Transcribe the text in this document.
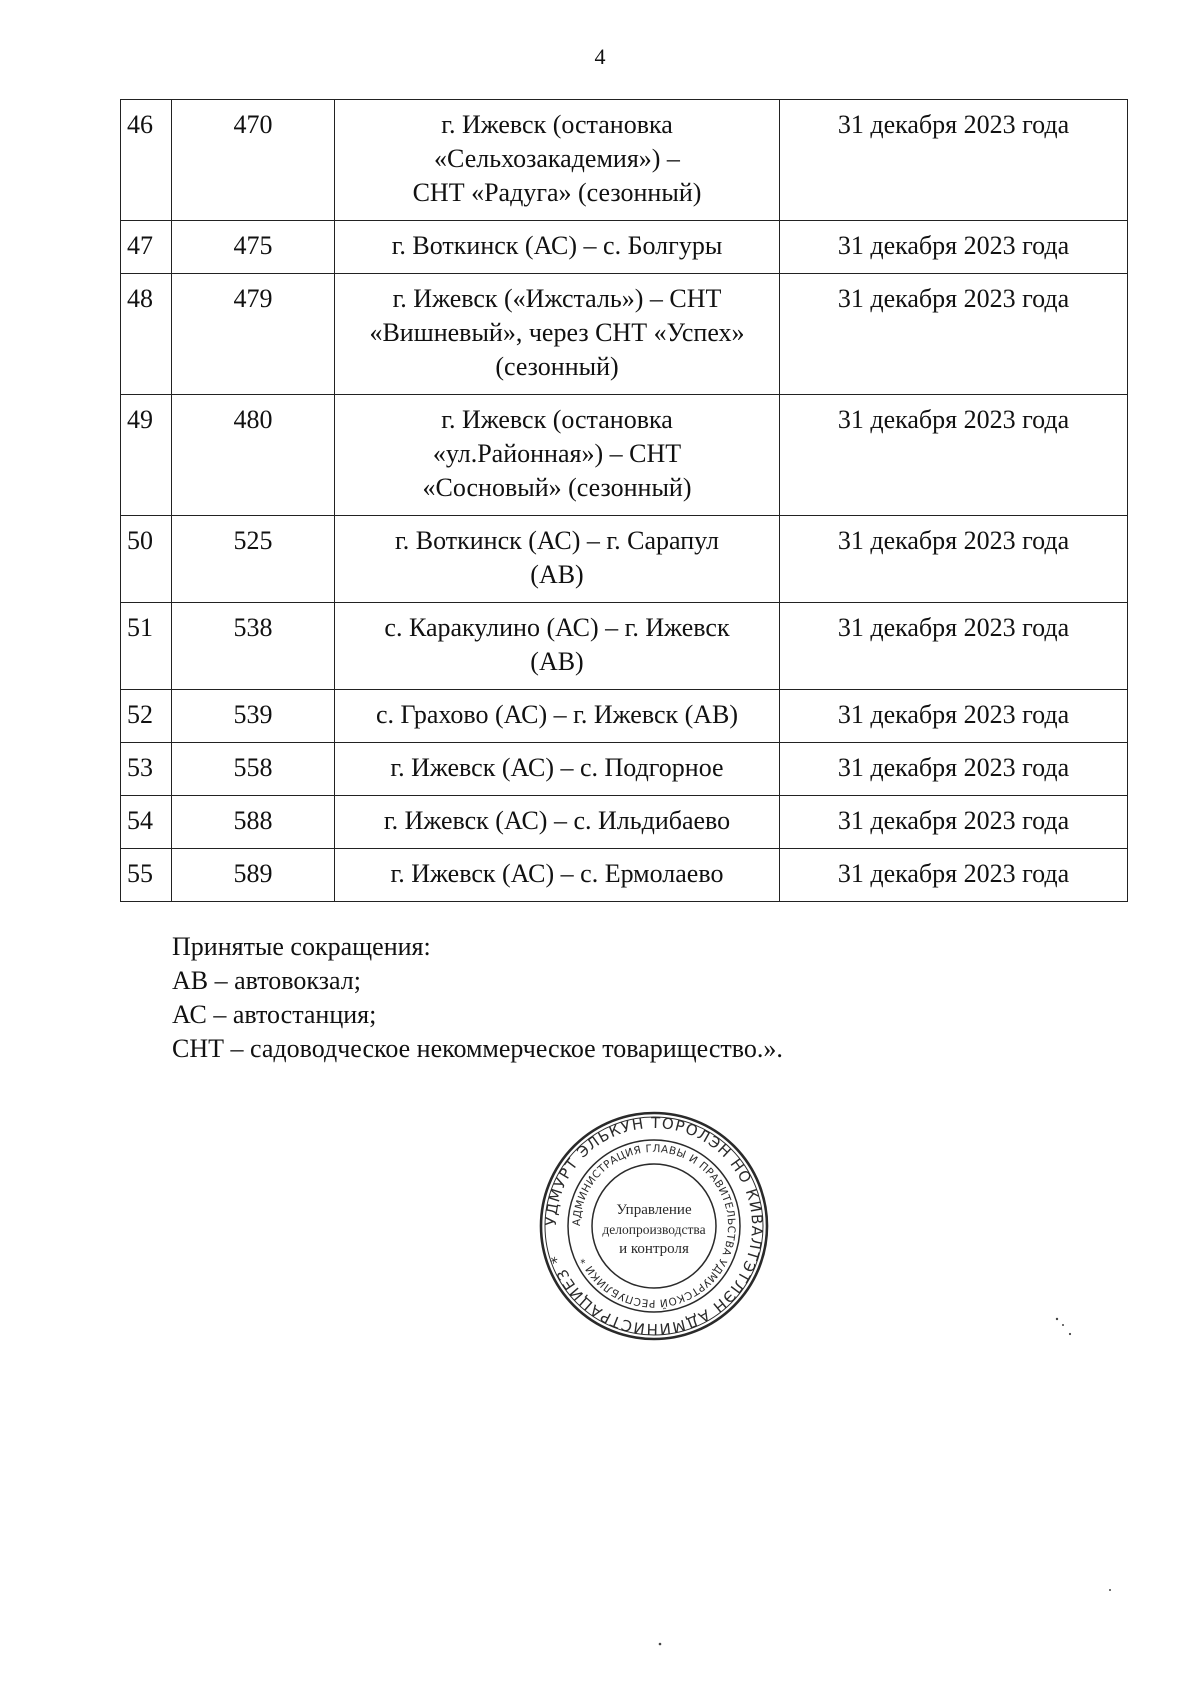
4
46	470	г. Ижевск (остановка
«Сельхозакадемия») –
СНТ «Радуга» (сезонный)	31 декабря 2023 года
47	475	г. Воткинск (АС) – с. Болгуры	31 декабря 2023 года
48	479	г. Ижевск («Ижсталь») – СНТ
«Вишневый», через СНТ «Успех»
(сезонный)	31 декабря 2023 года
49	480	г. Ижевск (остановка
«ул.Районная») – СНТ
«Сосновый» (сезонный)	31 декабря 2023 года
50	525	г. Воткинск (АС) – г. Сарапул
(АВ)	31 декабря 2023 года
51	538	с. Каракулино (АС) – г. Ижевск
(АВ)	31 декабря 2023 года
52	539	с. Грахово (АС) – г. Ижевск (АВ)	31 декабря 2023 года
53	558	г. Ижевск (АС) – с. Подгорное	31 декабря 2023 года
54	588	г. Ижевск (АС) – с. Ильдибаево	31 декабря 2023 года
55	589	г. Ижевск (АС) – с. Ермолаево	31 декабря 2023 года
Принятые сокращения:
АВ – автовокзал;
АС – автостанция;
СНТ – садоводческое некоммерческое товарищество.».
УДМУРТ ЭЛЬКУН ТОРОЛЭН НО КИВАЛТЭТЛЭН АДМИНИСТРАЦИЕЗ *
АДМИНИСТРАЦИЯ ГЛАВЫ И ПРАВИТЕЛЬСТВА УДМУРТСКОЙ РЕСПУБЛИКИ *
Управление
делопроизводства
и контроля
